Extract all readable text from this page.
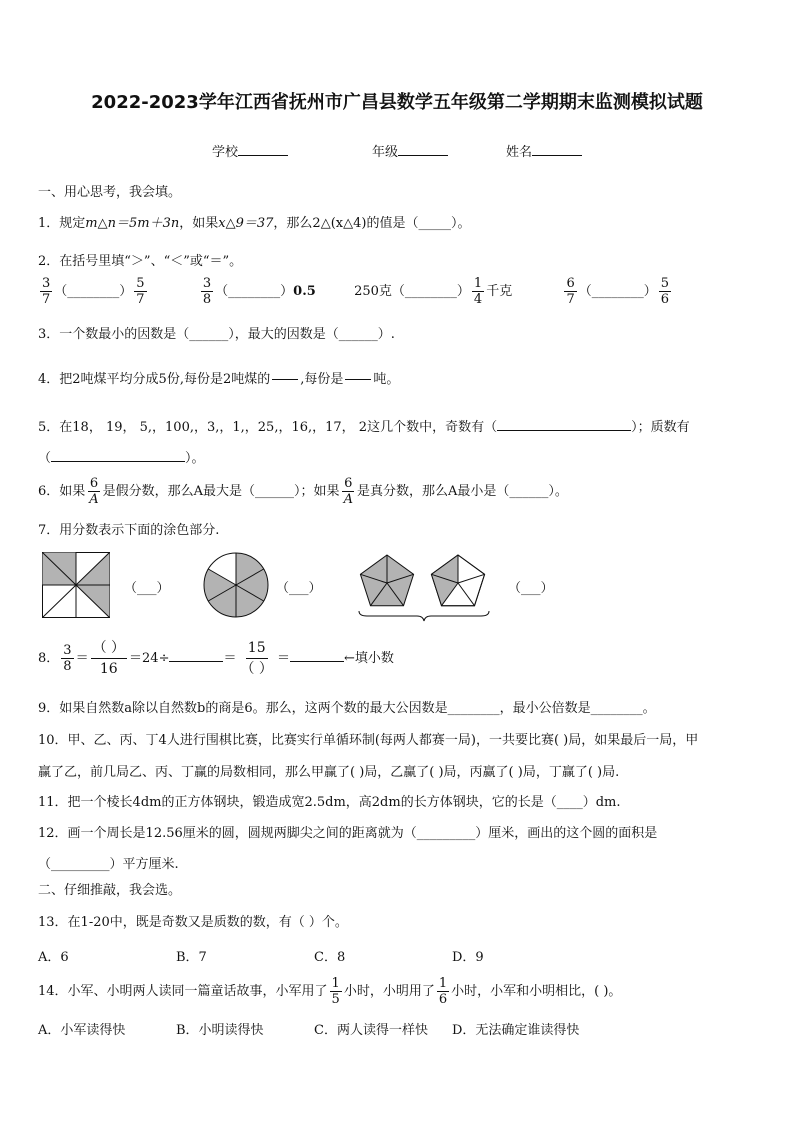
2022-2023学年江西省抚州市广昌县数学五年级第二学期期末监测模拟试题
学校	年级	姓名
一、用心思考，我会填。
1．规定m△n＝5m＋3n，如果x△9＝37，那么2△(x△4)的值是（_____）。
2．在括号里填“＞”、“＜”或“＝”。
$\frac{3}{7}$ （________） $\frac{5}{7}$
	$\frac{3}{8}$ （________）0.5	250克（________） $\frac{1}{4}$ 千克	$\frac{6}{7}$ （________） $\frac{5}{6}$
3．一个数最小的因数是（______），最大的因数是（______）.
4．把2吨煤平均分成5份,每份是2吨煤的

,每份是

吨。
5．在18， 19， 5,，100,，3,，1,，25,，16,，17， 2这几个数中，奇数有（	）；质数有
（	）。
6．如果 $\frac{6}{A}$ 是假分数，那么A最大是（______）；如果 $\frac{6}{A}$ 是真分数，那么A最小是（______）。
7．用分数表示下面的涂色部分.
（___）	（___）	（___）
8． $\frac{3}{8} = \frac{( )}{16} =24\div$	＝ $\frac{15}{( )}$ ＝	←填小数
9．如果自然数a除以自然数b的商是6。那么，这两个数的最大公因数是________，最小公倍数是________。
10．甲、乙、丙、丁4人进行围棋比赛，比赛实行单循环制(每两人都赛一局)，一共要比赛( )局，如果最后一局，甲
赢了乙，前几局乙、丙、丁赢的局数相同，那么甲赢了( )局，乙赢了( )局，丙赢了( )局，丁赢了( )局.
11．把一个棱长4dm的正方体钢块，锻造成宽2.5dm，高2dm的长方体钢块，它的长是（____）dm.
12．画一个周长是12.56厘米的圆，圆规两脚尖之间的距离就为（_________）厘米，画出的这个圆的面积是
（_________）平方厘米.
二、仔细推敲，我会选。
13．在1-20中，既是奇数又是质数的数，有（ ）个。
A．6	B．7	C．8	D．9
14．小军、小明两人读同一篇童话故事，小军用了 $\frac{1}{5}$ 小时，小明用了 $\frac{1}{6}$ 小时，小军和小明相比，( )。
A．小军读得快	B．小明读得快	C．两人读得一样快 D．无法确定谁读得快
